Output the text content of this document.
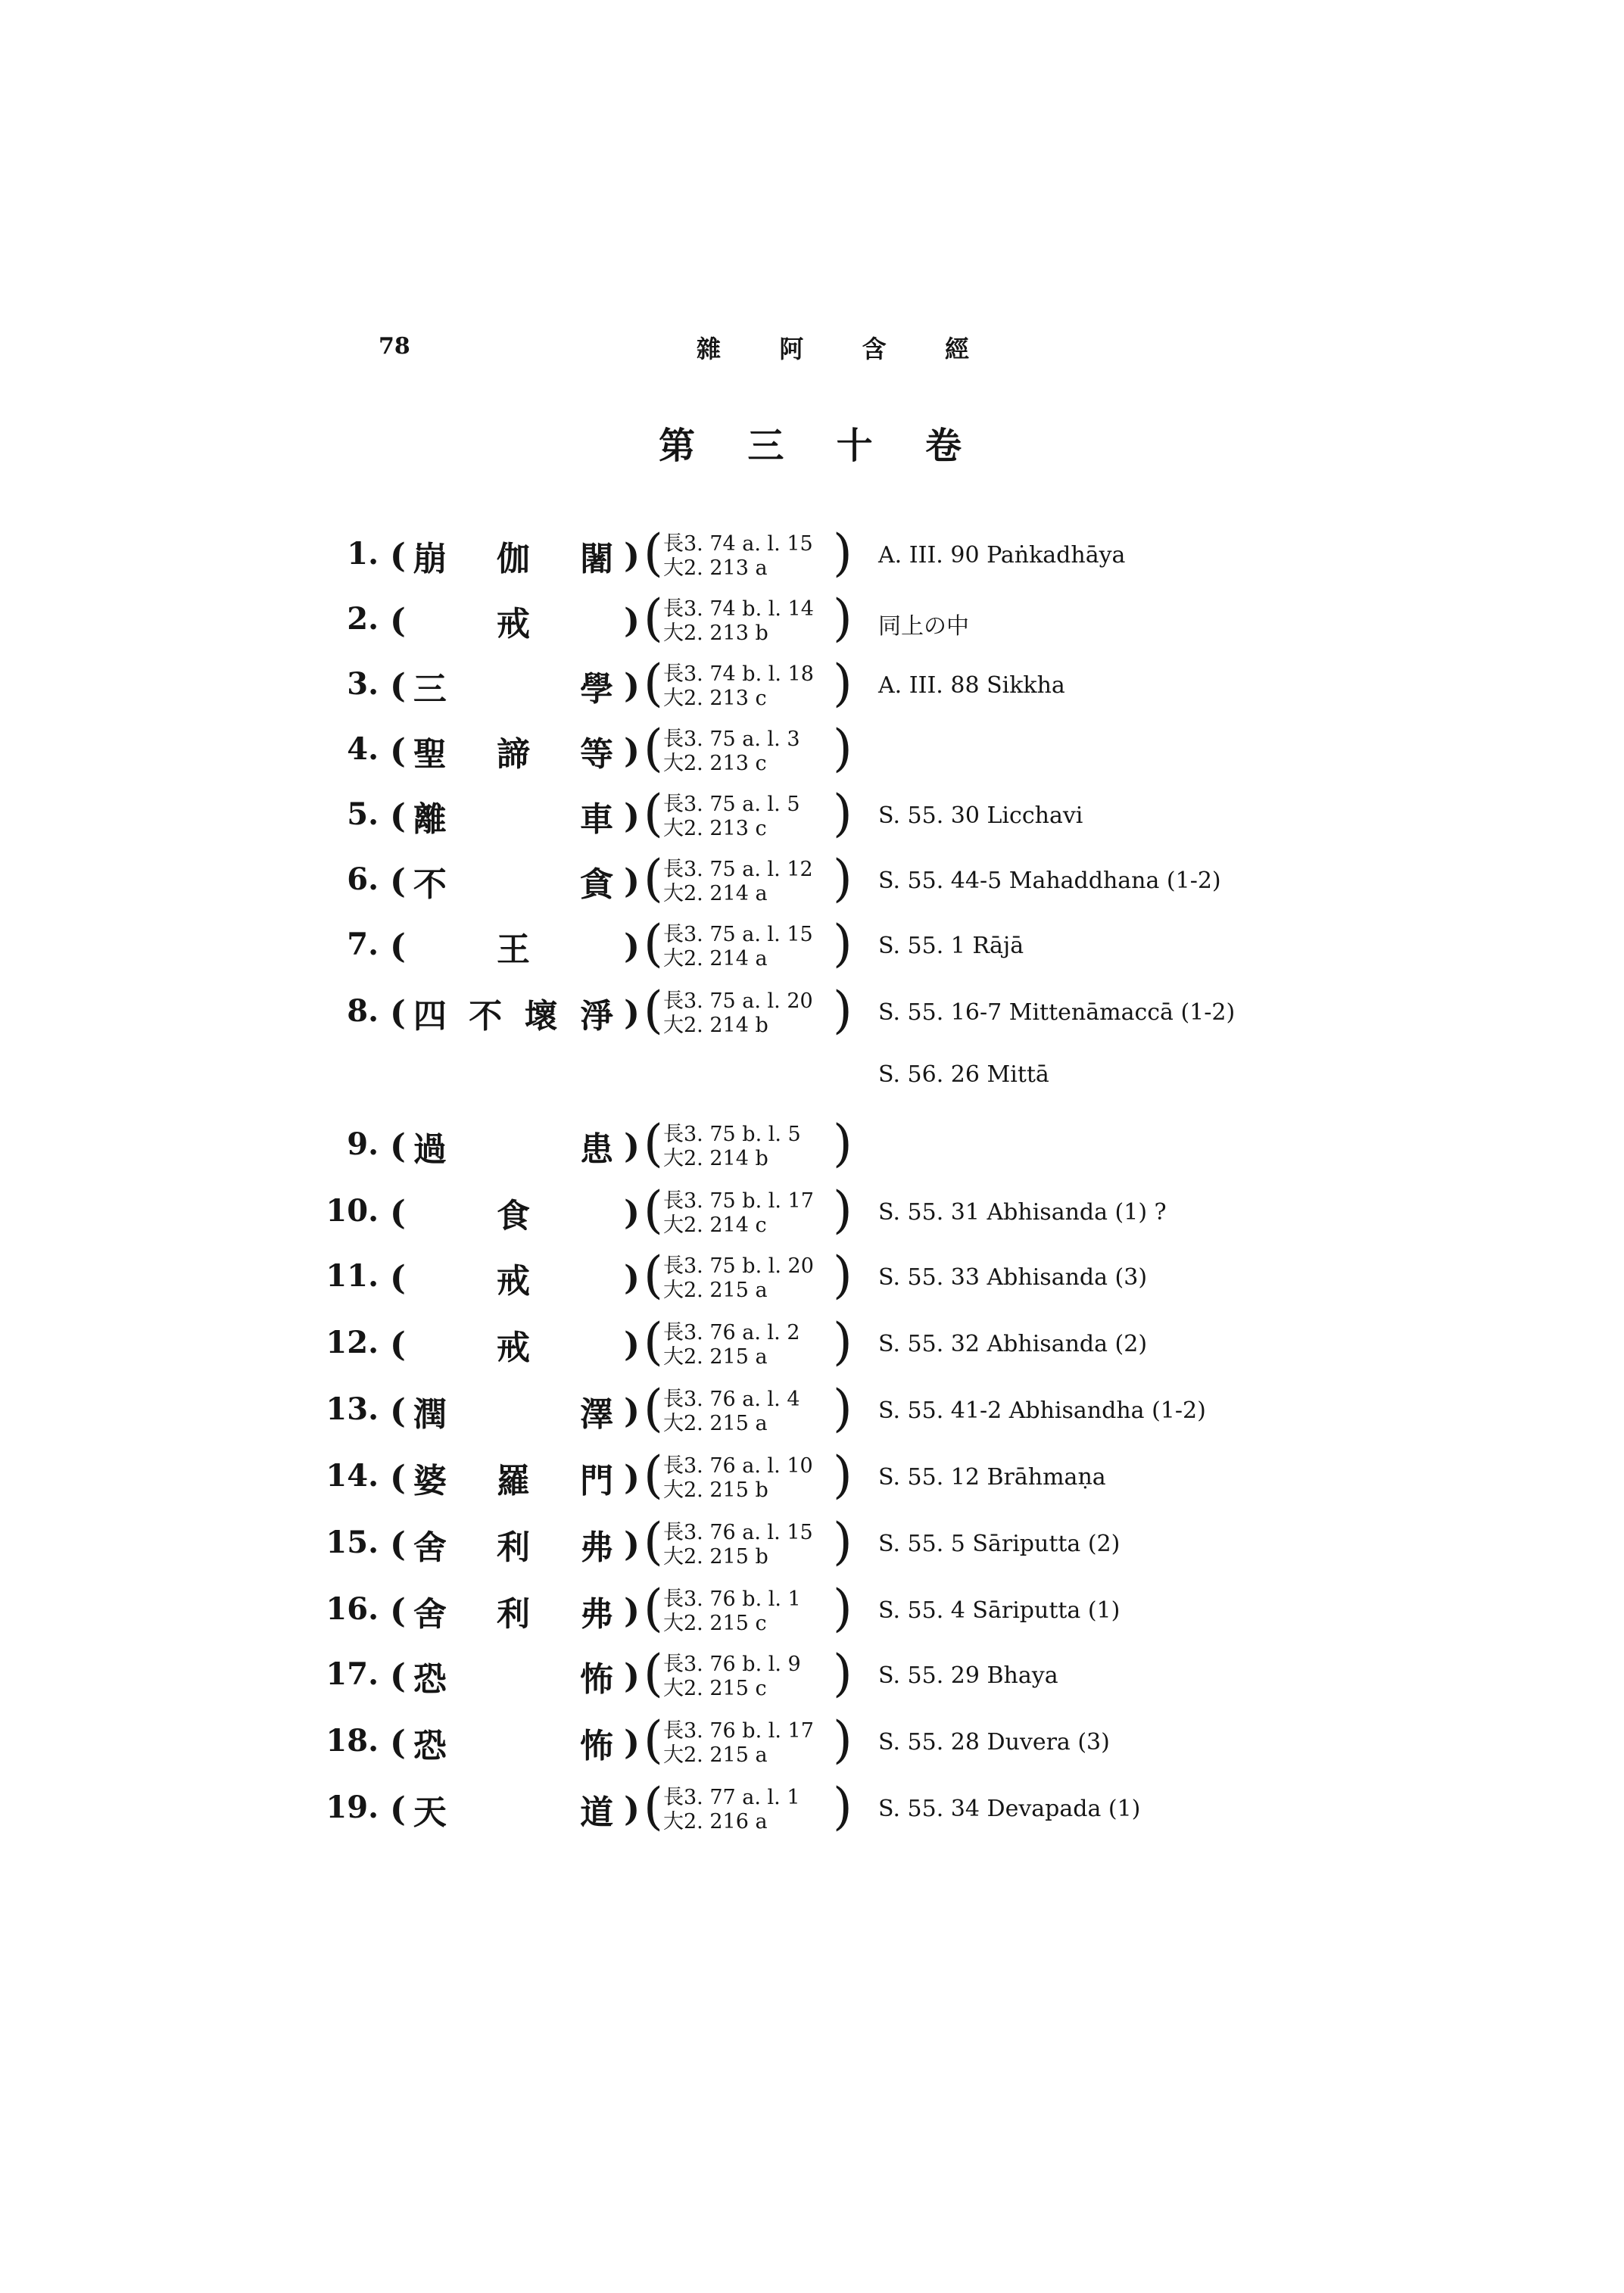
78	雜 阿 含 經
第 三 十 卷
1. ( 崩 伽 闍 ) ( 長3. 74 a. l. 15
大2. 213 a ) A. III. 90 Paṅkadhāya
2. (	戒	) ( 長3. 74 b. l. 14
大2. 213 b ) 同上の中
3. ( 三	學 ) ( 長3. 74 b. l. 18
大2. 213 c ) A. III. 88 Sikkha
4. ( 聖 諦 等 ) ( 長3. 75 a. l. 3
大2. 213 c )
5. ( 離	車 ) ( 長3. 75 a. l. 5
大2. 213 c ) S. 55. 30 Licchavi
6. ( 不	貪 ) ( 長3. 75 a. l. 12
大2. 214 a ) S. 55. 44-5 Mahaddhana (1-2)
7. (	王	) ( 長3. 75 a. l. 15
大2. 214 a ) S. 55. 1 Rājā
8. ( 四 不 壞 淨 ) ( 長3. 75 a. l. 20
大2. 214 b ) S. 55. 16-7 Mittenāmaccā (1-2)
S. 56. 26 Mittā
9. ( 過	患 ) ( 長3. 75 b. l. 5
大2. 214 b )
10. (	食	) ( 長3. 75 b. l. 17
大2. 214 c ) S. 55. 31 Abhisanda (1) ?
11. (	戒	) ( 長3. 75 b. l. 20
大2. 215 a ) S. 55. 33 Abhisanda (3)
12. (	戒	) ( 長3. 76 a. l. 2
大2. 215 a ) S. 55. 32 Abhisanda (2)
13. ( 潤	澤 ) ( 長3. 76 a. l. 4
大2. 215 a ) S. 55. 41-2 Abhisandha (1-2)
14. ( 婆 羅 門 ) ( 長3. 76 a. l. 10
大2. 215 b ) S. 55. 12 Brāhmaṇa
15. ( 舍 利 弗 ) ( 長3. 76 a. l. 15
大2. 215 b ) S. 55. 5 Sāriputta (2)
16. ( 舍 利 弗 ) ( 長3. 76 b. l. 1
大2. 215 c ) S. 55. 4 Sāriputta (1)
17. ( 恐	怖 ) ( 長3. 76 b. l. 9
大2. 215 c ) S. 55. 29 Bhaya
18. ( 恐	怖 ) ( 長3. 76 b. l. 17
大2. 215 a ) S. 55. 28 Duvera (3)
19. ( 天	道 ) ( 長3. 77 a. l. 1
大2. 216 a ) S. 55. 34 Devapada (1)
